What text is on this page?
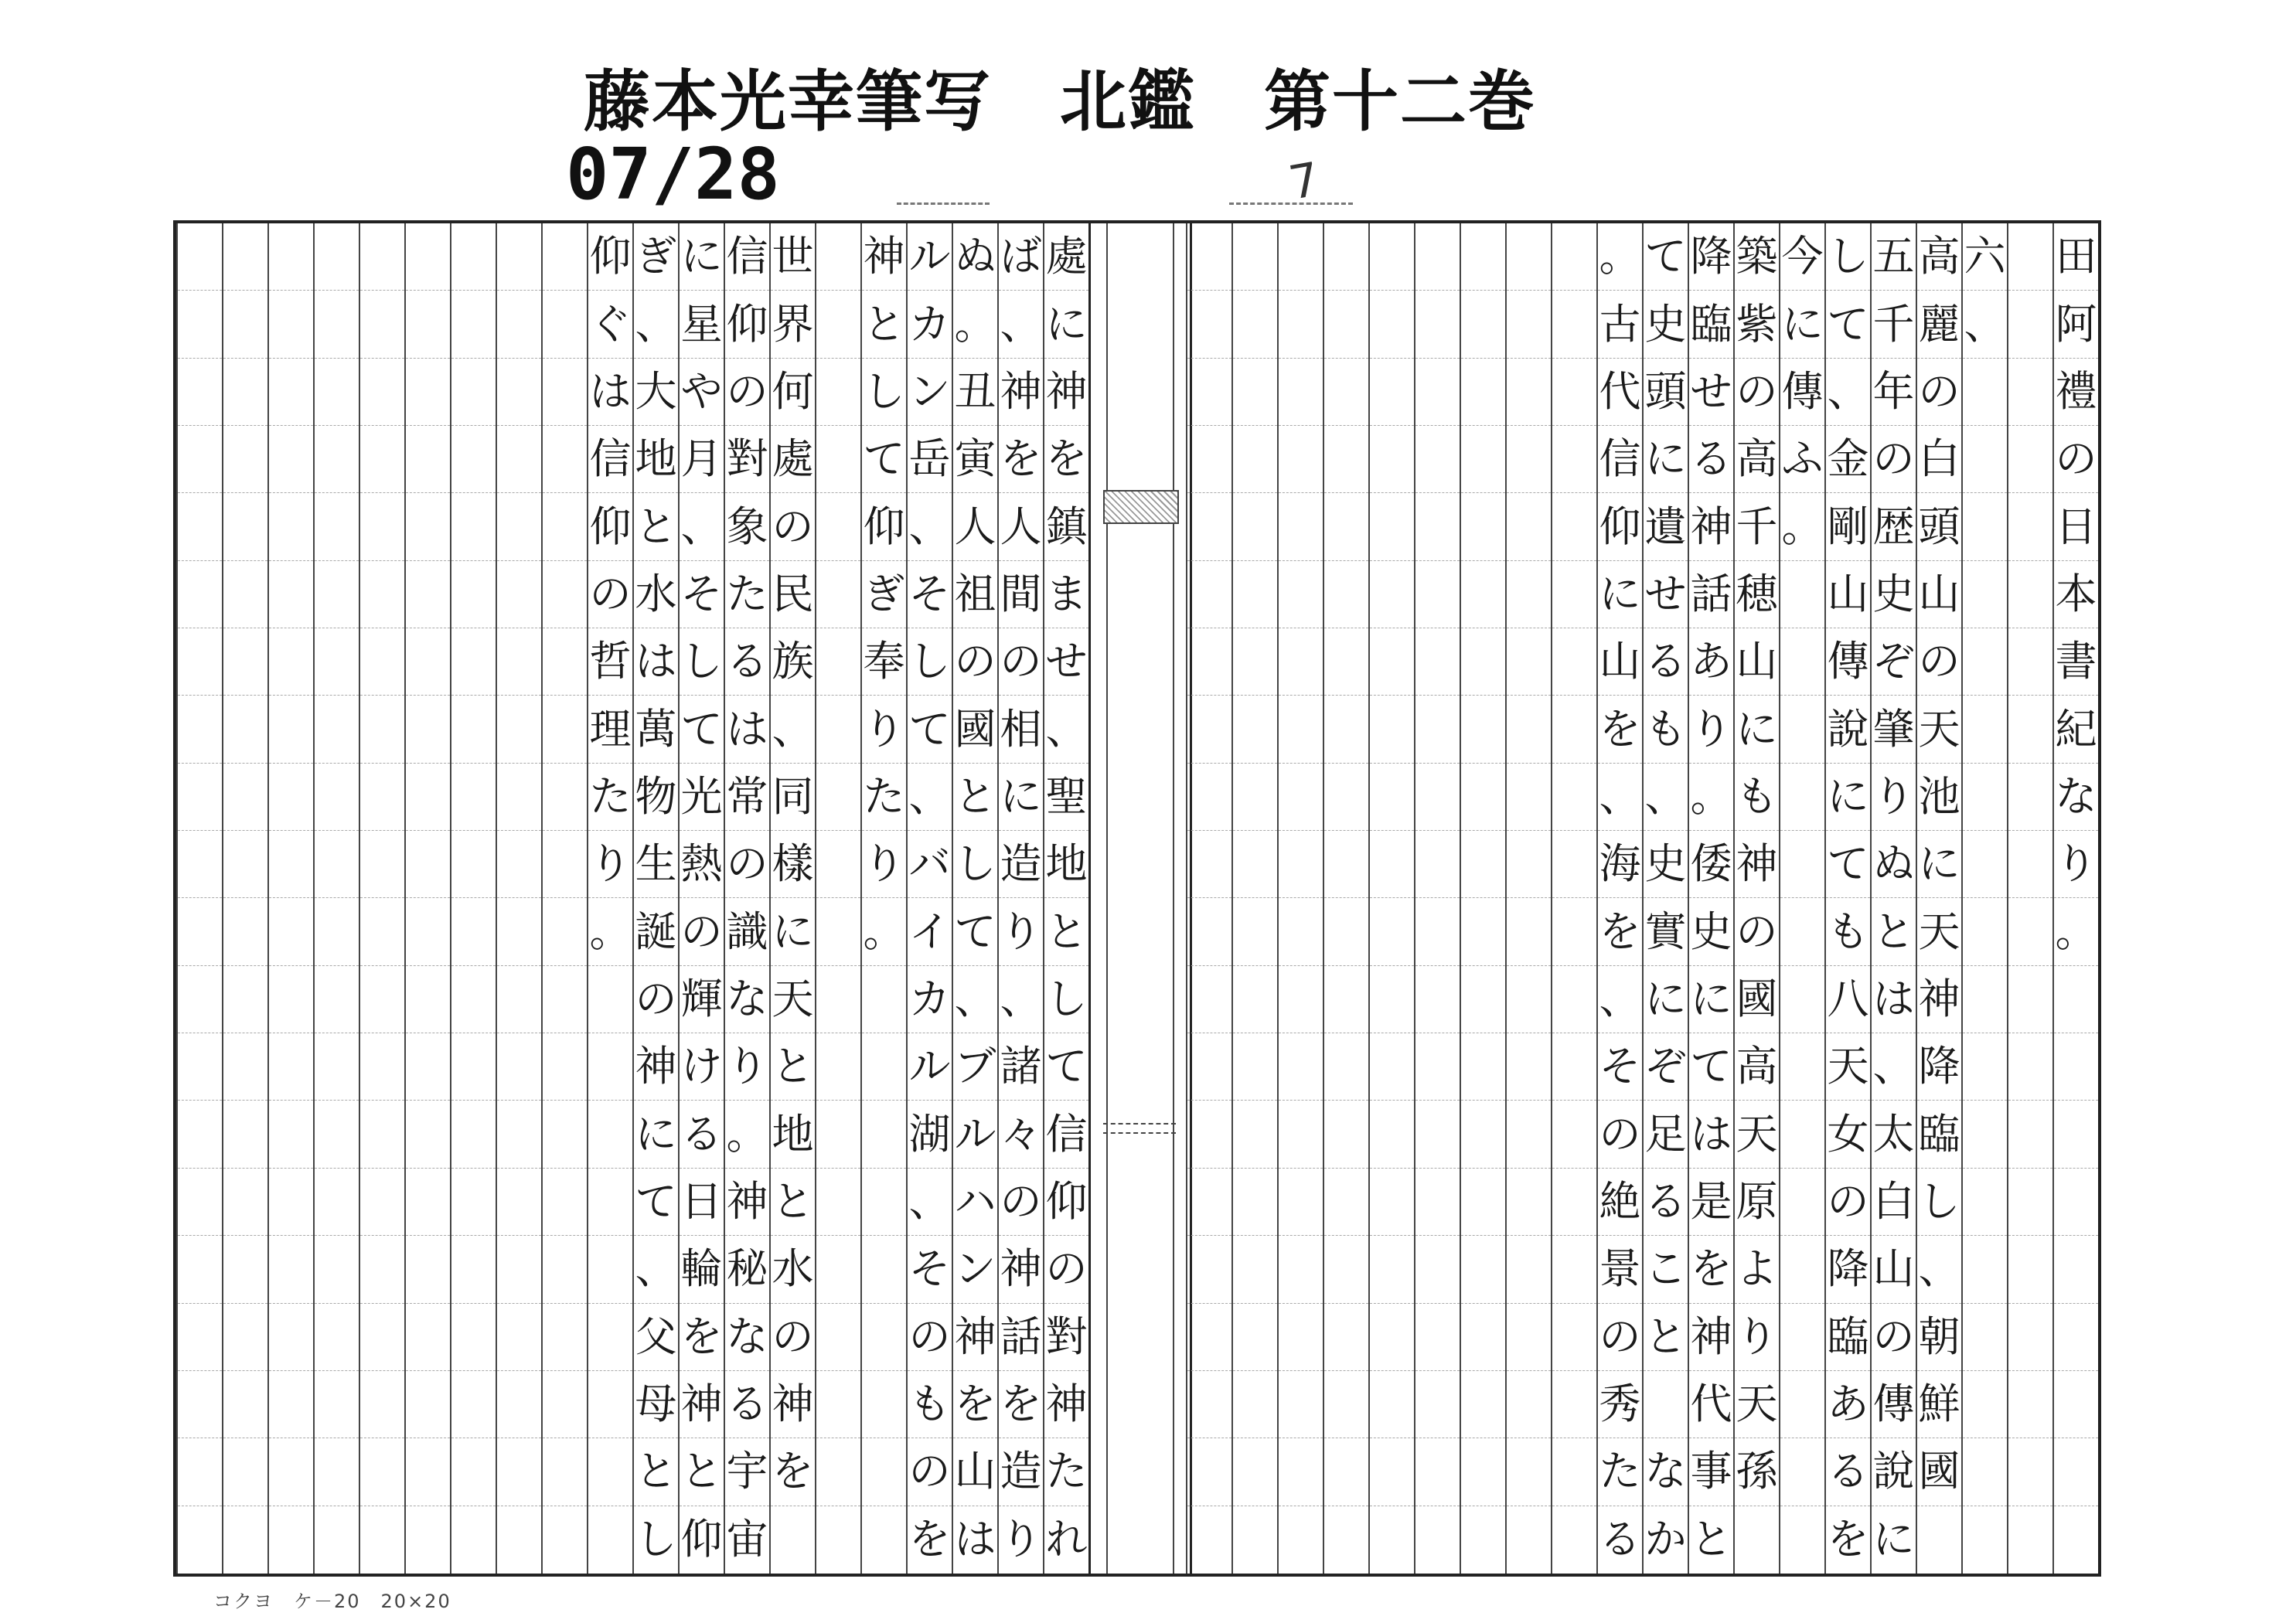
藤本光幸筆写　北鑑　第十二巻
07/28	7
處
に
神
を
鎮
ま
せ
、
聖
地
と
し
て
信
仰
の
對
神
た
れ
ば
、
神
を
人
間
の
相
に
造
り
、
諸
々
の
神
話
を
造
り
ぬ
。
丑
寅
人
祖
の
國
と
し
て
、
ブ
ル
ハ
ン
神
を
山
は
ル
カ
ン
岳
、
そ
し
て
、
バ
イ
カ
ル
湖
、
そ
の
も
の
を
神
と
し
て
仰
ぎ
奉
り
た
り
。
世
界
何
處
の
民
族
、
同
樣
に
天
と
地
と
水
の
神
を
信
仰
の
對
象
た
る
は
常
の
識
な
り
。
神
秘
な
る
宇
宙
に
星
や
月
、
そ
し
て
光
熱
の
輝
け
る
日
輪
を
神
と
仰
ぎ
、
大
地
と
水
は
萬
物
生
誕
の
神
に
て
、
父
母
と
し
仰
ぐ
は
信
仰
の
哲
理
た
り
。
田
阿
禮
の
日
本
書
紀
な
り
。
六
、
高
麗
の
白
頭
山
の
天
池
に
天
神
降
臨
し
、
朝
鮮
國
五
千
年
の
歴
史
ぞ
肇
り
ぬ
と
は
、
太
白
山
の
傳
說
に
し
て
、
金
剛
山
傳
說
に
て
も
八
天
女
の
降
臨
あ
る
を
今
に
傳
ふ
。
築
紫
の
高
千
穂
山
に
も
神
の
國
高
天
原
よ
り
天
孫
降
臨
せ
る
神
話
あ
り
。
倭
史
に
て
は
是
を
神
代
事
と
て
史
頭
に
遺
せ
る
も
、
史
實
に
ぞ
足
る
こ
と
な
か
。
古
代
信
仰
に
山
を
、
海
を
、
そ
の
絶
景
の
秀
た
る
コクヨ　ケ－20　20×20
